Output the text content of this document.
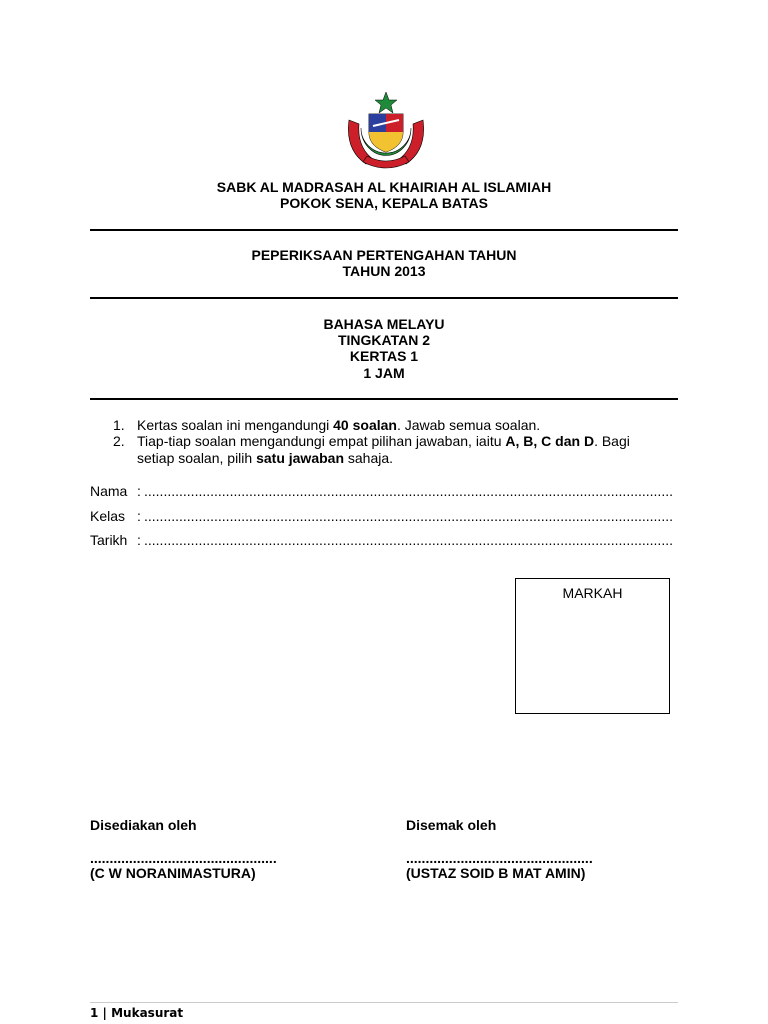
SABK AL MADRASAH AL KHAIRIAH AL ISLAMIAH
POKOK SENA, KEPALA BATAS
PEPERIKSAAN PERTENGAHAN TAHUN
TAHUN 2013
BAHASA MELAYU
TINGKATAN 2
KERTAS 1
1 JAM
1. Kertas soalan ini mengandungi 40 soalan. Jawab semua soalan.
2. Tiap-tiap soalan mengandungi empat pilihan jawaban, iaitu A, B, C dan D. Bagi setiap soalan, pilih satu jawaban sahaja.
Nama : ........................................................................................................................................
Kelas : ........................................................................................................................................
Tarikh : ........................................................................................................................................
MARKAH
Disediakan oleh
................................................
(C W NORANIMASTURA)
Disemak oleh
................................................
(USTAZ SOID B MAT AMIN)
1 | Mukasurat
